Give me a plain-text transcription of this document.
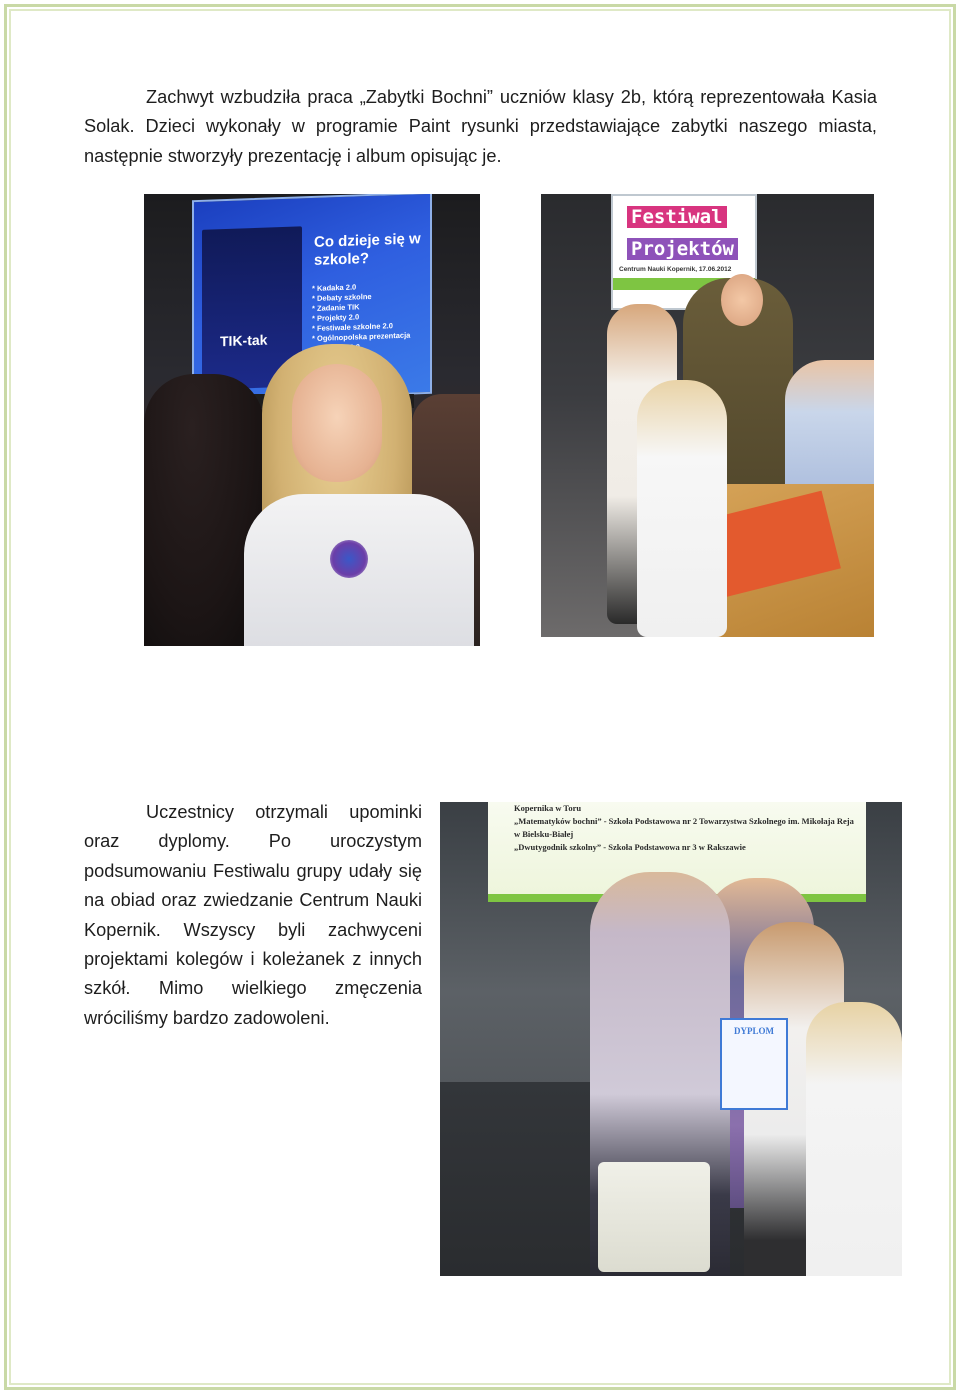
Zachwyt wzbudziła praca „Zabytki Bochni” uczniów klasy 2b, którą reprezentowała Kasia Solak. Dzieci wykonały w programie Paint rysunki przedstawiające zabytki naszego miasta, następnie stworzyły prezentację i album opisując je.

TIK-tak
Co dzieje się w szkole?
* Kadaka 2.0
* Debaty szkolne
* Zadanie TIK
* Projekty 2.0
* Festiwale szkolne 2.0
* Ogólnopolska prezentacja
Festiwal
Projektów
Centrum Nauki Kopernik, 17.06.2012

Uczestnicy otrzymali upominki oraz dyplomy. Po uroczystym podsumowaniu Festiwalu grupy udały się na obiad oraz zwiedzanie Centrum Nauki Kopernik. Wszyscy byli zachwyceni projektami kolegów i koleżanek z innych szkół. Mimo wielkiego zmęczenia wróciliśmy bardzo zadowoleni.

Kopernika w Toru
„Matematyków bochni” - Szkoła Podstawowa nr 2 Towarzystwa Szkolnego im. Mikołaja Reja w Bielsku-Białej
„Dwutygodnik szkolny” - Szkoła Podstawowa nr 3 w Rakszawie
DYPLOM
